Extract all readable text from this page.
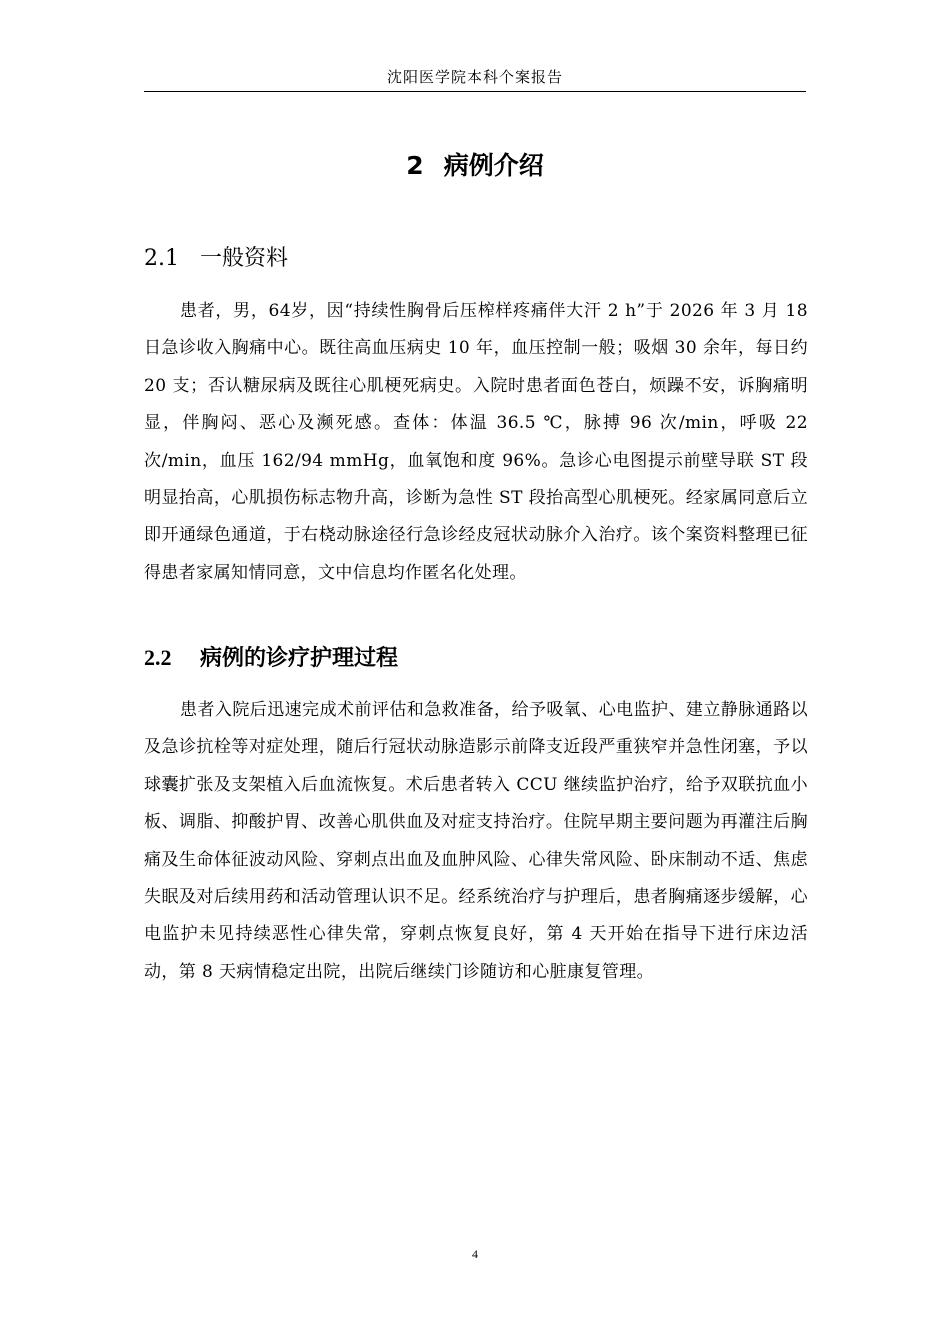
沈阳医学院本科个案报告
2 病例介绍
2.1 一般资料

患者，男，64岁，因“持续性胸骨后压榨样疼痛伴大汗 2 h”于 2026 年 3 月 18 日急诊收入胸痛中心。既往高血压病史 10 年，血压控制一般；吸烟 30 余年，每日约 20 支；否认糖尿病及既往心肌梗死病史。入院时患者面色苍白，烦躁不安，诉胸痛明显，伴胸闷、恶心及濒死感。查体：体温 36.5 ℃，脉搏 96 次/min，呼吸 22 次/min，血压 162/94 mmHg，血氧饱和度 96%。急诊心电图提示前壁导联 ST 段明显抬高，心肌损伤标志物升高，诊断为急性 ST 段抬高型心肌梗死。经家属同意后立即开通绿色通道，于右桡动脉途径行急诊经皮冠状动脉介入治疗。该个案资料整理已征得患者家属知情同意，文中信息均作匿名化处理。

2.2 病例的诊疗护理过程

患者入院后迅速完成术前评估和急救准备，给予吸氧、心电监护、建立静脉通路以及急诊抗栓等对症处理，随后行冠状动脉造影示前降支近段严重狭窄并急性闭塞，予以球囊扩张及支架植入后血流恢复。术后患者转入 CCU 继续监护治疗，给予双联抗血小板、调脂、抑酸护胃、改善心肌供血及对症支持治疗。住院早期主要问题为再灌注后胸痛及生命体征波动风险、穿刺点出血及血肿风险、心律失常风险、卧床制动不适、焦虑失眠及对后续用药和活动管理认识不足。经系统治疗与护理后，患者胸痛逐步缓解，心电监护未见持续恶性心律失常，穿刺点恢复良好，第 4 天开始在指导下进行床边活动，第 8 天病情稳定出院，出院后继续门诊随访和心脏康复管理。

4
